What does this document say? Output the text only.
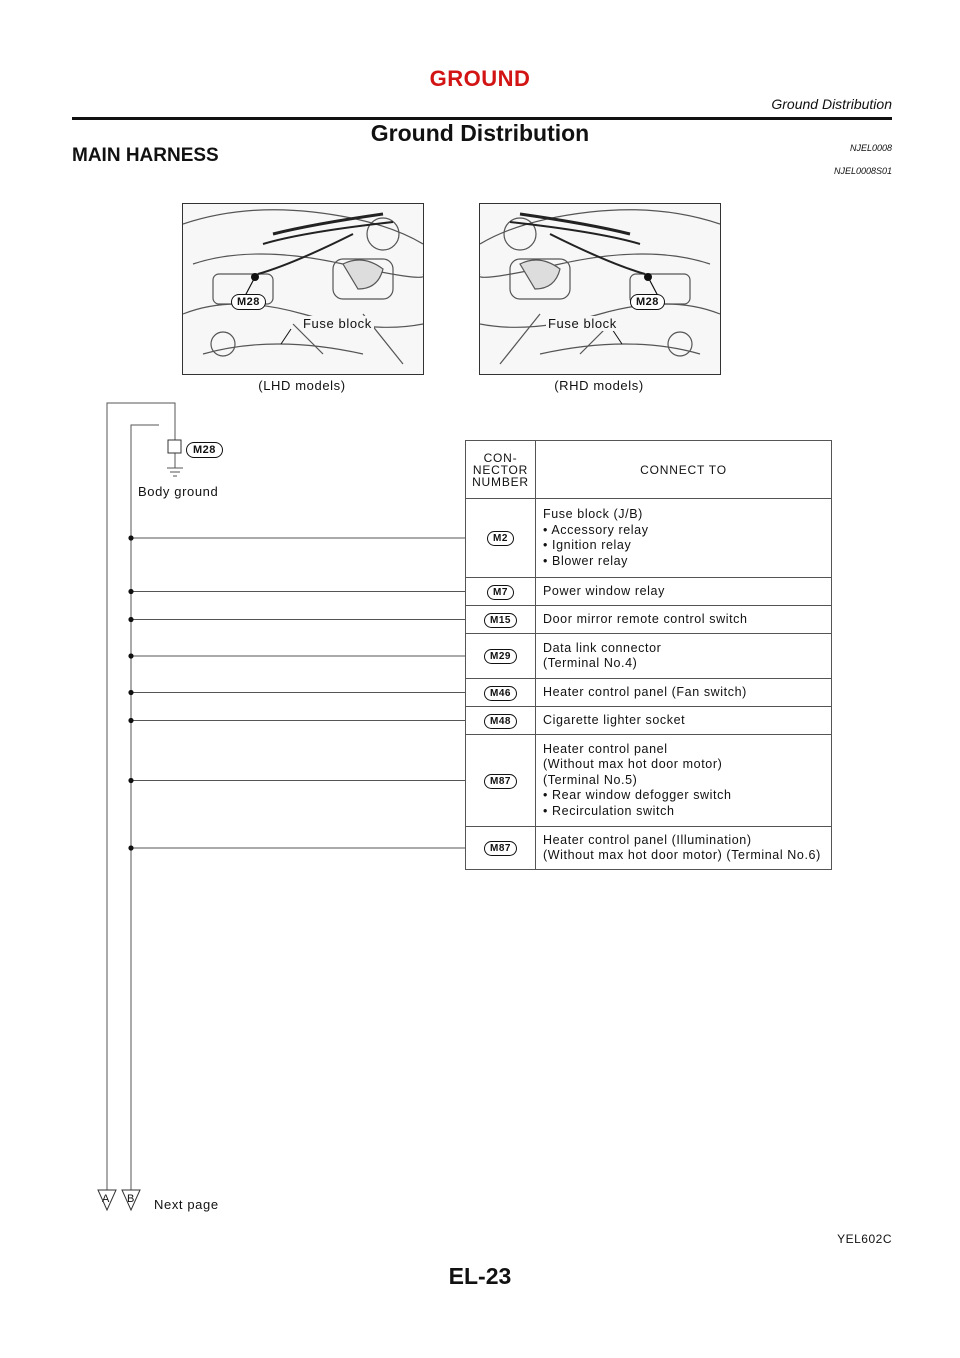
GROUND
Ground Distribution
Ground Distribution
NJEL0008
MAIN HARNESS
NJEL0008S01
M28
Fuse block
(LHD models)
M28
Fuse block
(RHD models)
M28
Body ground
A B Next page
CON-
NECTOR
NUMBER	CONNECT TO
M2	Fuse block (J/B)
• Accessory relay
• Ignition relay
• Blower relay

M7	Power window relay

M15	Door mirror remote control switch

M29	Data link connector
(Terminal No.4)

M46	Heater control panel (Fan switch)

M48	Cigarette lighter socket

M87	Heater control panel
(Without max hot door motor)
(Terminal No.5)
• Rear window defogger switch
• Recirculation switch

M87	Heater control panel (Illumination)
(Without max hot door motor) (Terminal No.6)
YEL602C
EL-23
